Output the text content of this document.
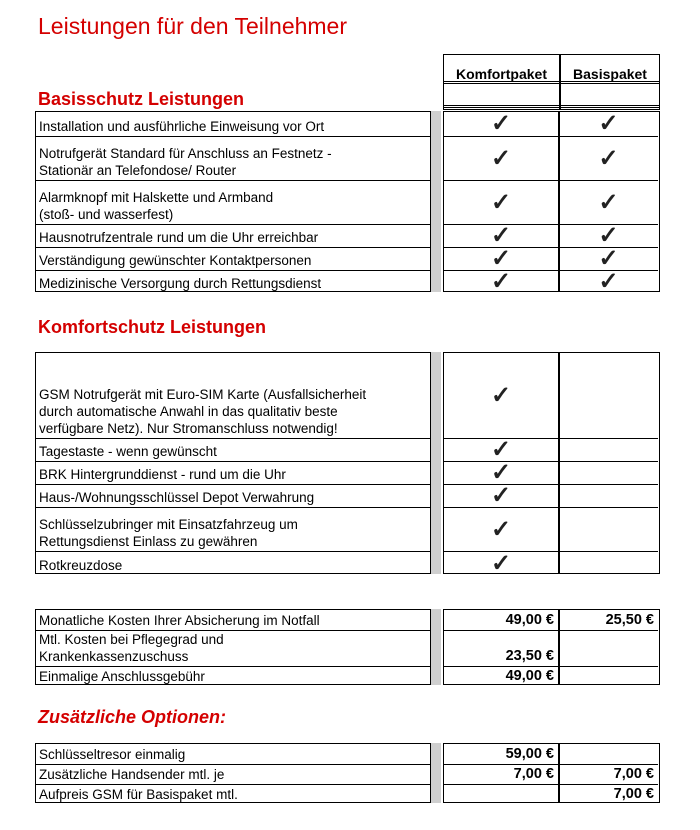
Leistungen für den Teilnehmer
Komfortpaket	Basispaket
Basisschutz Leistungen
Komfortschutz Leistungen
Zusätzliche Optionen:
Installation und ausführliche Einweisung vor Ort
Notrufgerät Standard für Anschluss an Festnetz -
Stationär an Telefondose/ Router
Alarmknopf mit Halskette und Armband
(stoß- und wasserfest)
Hausnotrufzentrale rund um die Uhr erreichbar
Verständigung gewünschter Kontaktpersonen
Medizinische Versorgung durch Rettungsdienst
✓
✓
✓
✓
✓
✓
✓
✓
✓
✓
✓
✓
GSM Notrufgerät mit Euro-SIM Karte (Ausfallsicherheit
durch automatische Anwahl in das qualitativ beste
verfügbare Netz). Nur Stromanschluss notwendig!
Tagestaste - wenn gewünscht
BRK Hintergrunddienst - rund um die Uhr
Haus-/Wohnungsschlüssel Depot Verwahrung
Schlüsselzubringer mit Einsatzfahrzeug um
Rettungsdienst Einlass zu gewähren
Rotkreuzdose
✓
✓
✓
✓
✓
✓
Monatliche Kosten Ihrer Absicherung im Notfall
Mtl. Kosten bei Pflegegrad und
Krankenkassenzuschuss
Einmalige Anschlussgebühr
49,00 €
23,50 €
49,00 €
25,50 €
Schlüsseltresor einmalig
Zusätzliche Handsender mtl. je
Aufpreis GSM für Basispaket mtl.
59,00 €
7,00 €	7,00 €
7,00 €
